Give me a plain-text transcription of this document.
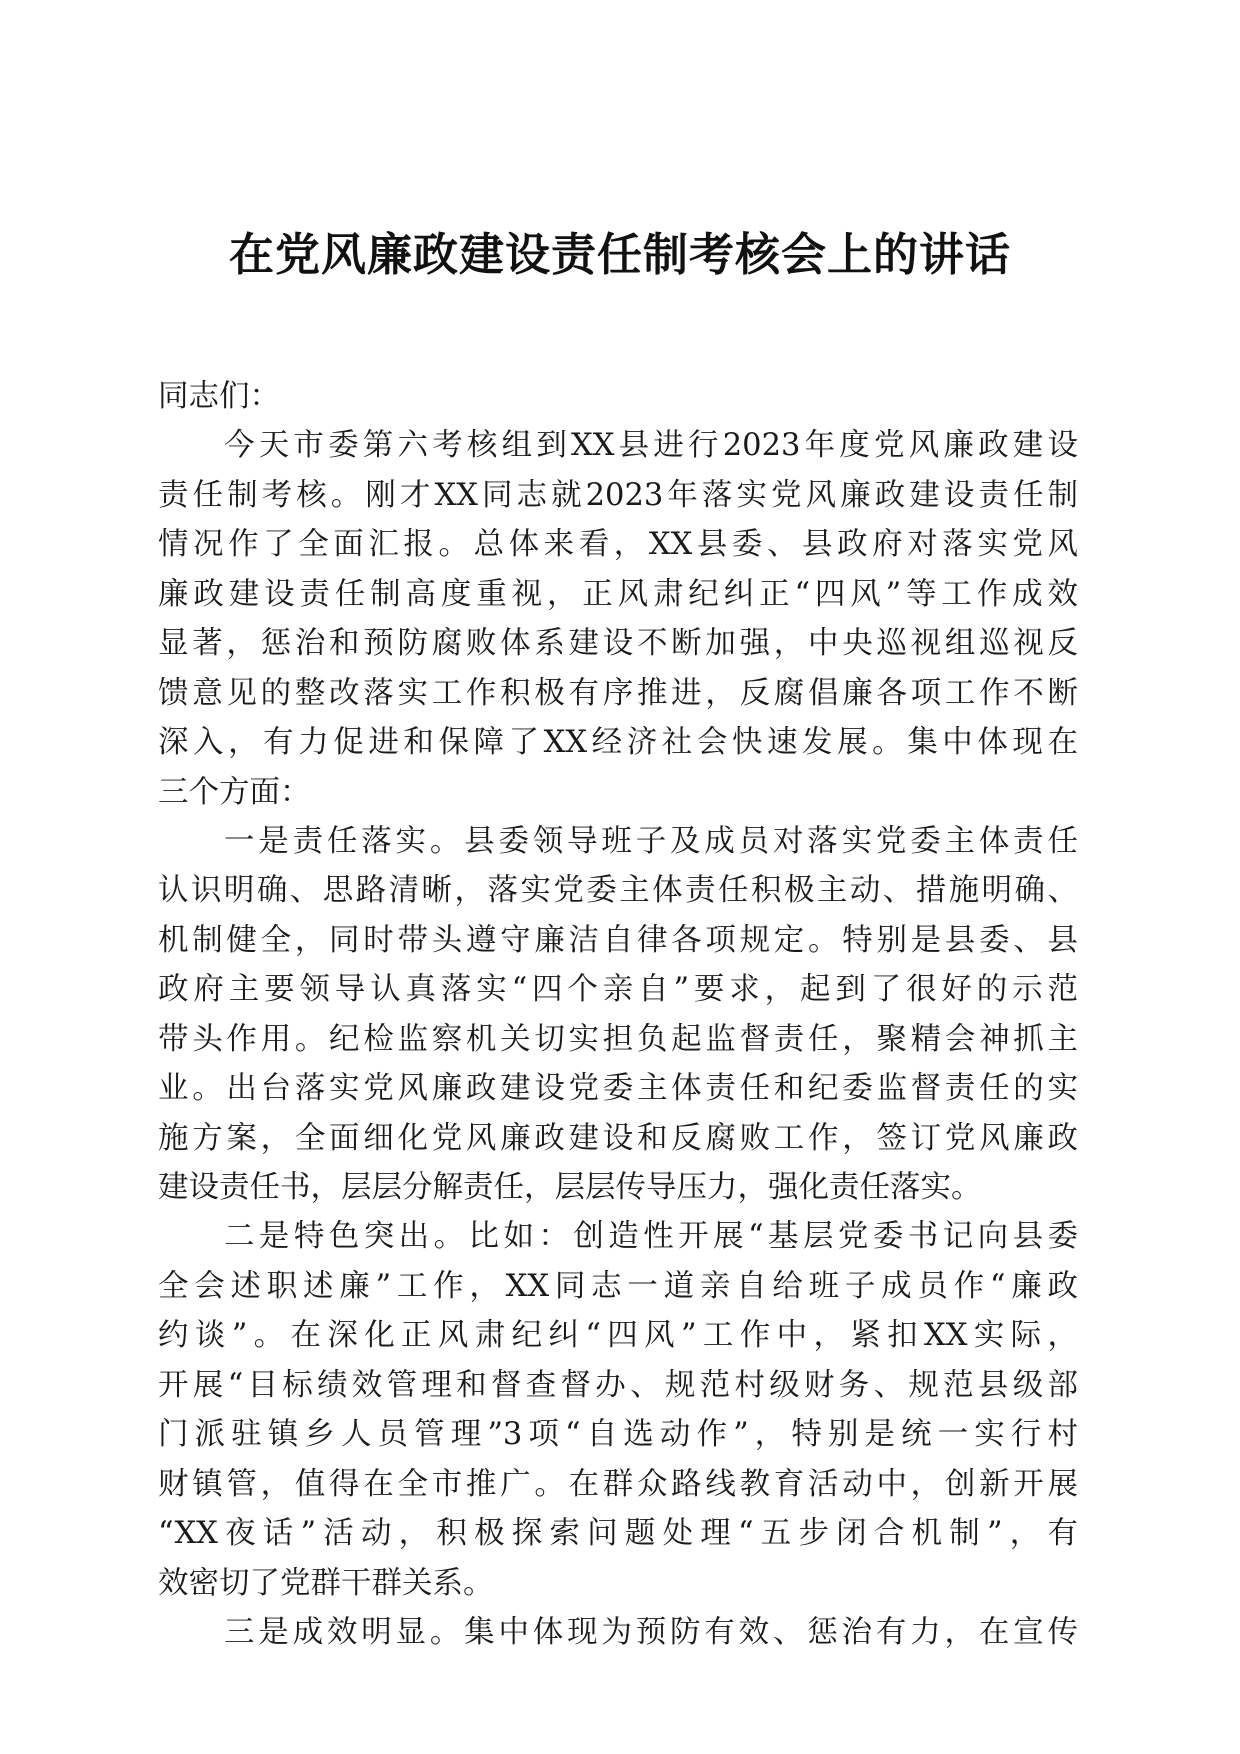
在党风廉政建设责任制考核会上的讲话
同志们：
今天市委第六考核组到XX县进行2023年度党风廉政建设
责任制考核。刚才XX同志就2023年落实党风廉政建设责任制
情况作了全面汇报。总体来看，XX县委、县政府对落实党风
廉政建设责任制高度重视，正风肃纪纠正“四风”等工作成效
显著，惩治和预防腐败体系建设不断加强，中央巡视组巡视反
馈意见的整改落实工作积极有序推进，反腐倡廉各项工作不断
深入，有力促进和保障了XX经济社会快速发展。集中体现在
三个方面：
一是责任落实。县委领导班子及成员对落实党委主体责任
认识明确、思路清晰，落实党委主体责任积极主动、措施明确、
机制健全，同时带头遵守廉洁自律各项规定。特别是县委、县
政府主要领导认真落实“四个亲自”要求，起到了很好的示范
带头作用。纪检监察机关切实担负起监督责任，聚精会神抓主
业。出台落实党风廉政建设党委主体责任和纪委监督责任的实
施方案，全面细化党风廉政建设和反腐败工作，签订党风廉政
建设责任书，层层分解责任，层层传导压力，强化责任落实。
二是特色突出。比如：创造性开展“基层党委书记向县委
全会述职述廉”工作，XX同志一道亲自给班子成员作“廉政
约谈”。在深化正风肃纪纠“四风”工作中，紧扣XX实际，
开展“目标绩效管理和督查督办、规范村级财务、规范县级部
门派驻镇乡人员管理”3项“自选动作”，特别是统一实行村
财镇管，值得在全市推广。在群众路线教育活动中，创新开展
“XX夜话”活动，积极探索问题处理“五步闭合机制”，有
效密切了党群干群关系。
三是成效明显。集中体现为预防有效、惩治有力，在宣传
